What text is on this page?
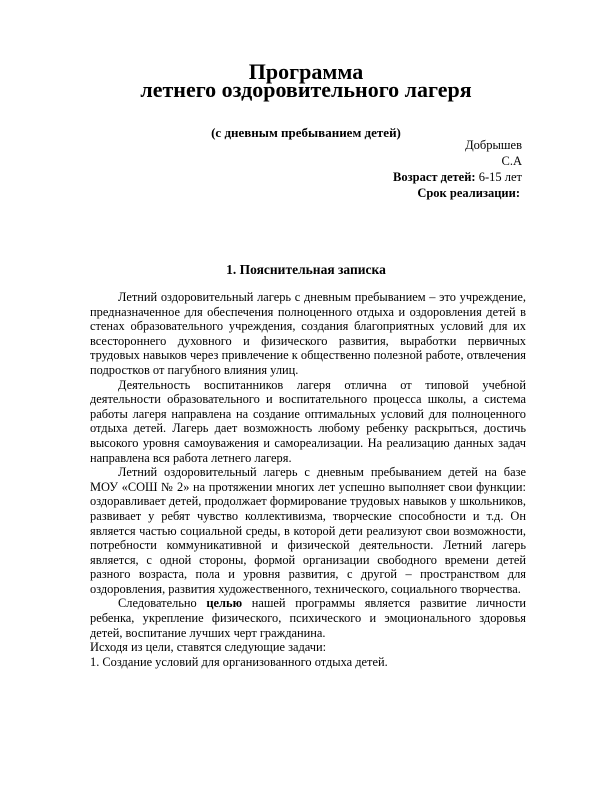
Программа
летнего оздоровительного лагеря
(с дневным пребыванием детей)
Добрышев
С.А
Возраст детей: 6-15 лет
Срок реализации:
1. Пояснительная записка

Летний оздоровительный лагерь с дневным пребыванием – это учреждение, предназначенное для обеспечения полноценного отдыха и оздоровления детей в стенах образовательного учреждения, создания благоприятных условий для их всестороннего духовного и физического развития, выработки первичных трудовых навыков через привлечение к общественно полезной работе, отвлечения подростков от пагубного влияния улиц.

Деятельность воспитанников лагеря отлична от типовой учебной деятельности образовательного и воспитательного процесса школы, а система работы лагеря направлена на создание оптимальных условий для полноценного отдыха детей. Лагерь дает возможность любому ребенку раскрыться, достичь высокого уровня самоуважения и самореализации. На реализацию данных задач направлена вся работа летнего лагеря.

Летний оздоровительный лагерь с дневным пребыванием детей на базе МОУ «СОШ № 2» на протяжении многих лет успешно выполняет свои функции: оздоравливает детей, продолжает формирование трудовых навыков у школьников, развивает у ребят чувство коллективизма, творческие способности и т.д. Он является частью социальной среды, в которой дети реализуют свои возможности, потребности коммуникативной и физической деятельности. Летний лагерь является, с одной стороны, формой организации свободного времени детей разного возраста, пола и уровня развития, с другой – пространством для оздоровления, развития художественного, технического, социального творчества.

Следовательно целью нашей программы является развитие личности ребенка, укрепление физического, психического и эмоционального здоровья детей, воспитание лучших черт гражданина.

Исходя из цели, ставятся следующие задачи:

1. Создание условий для организованного отдыха детей.
